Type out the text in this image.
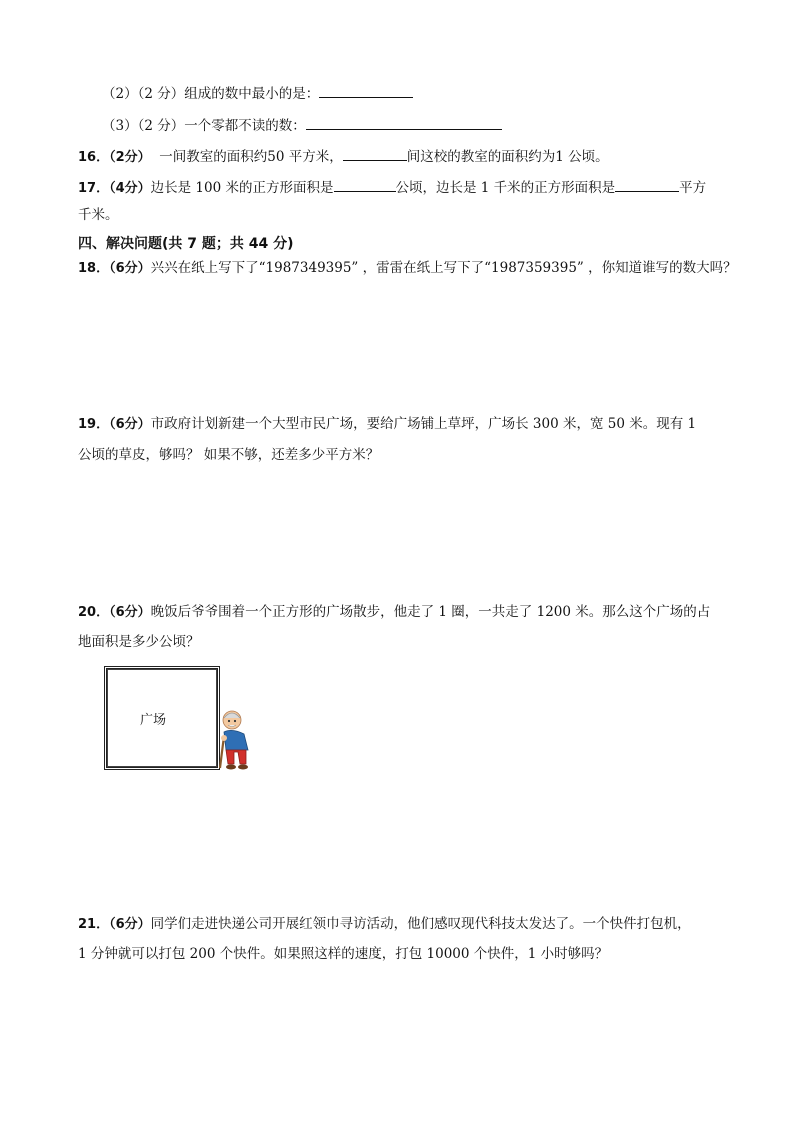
（2）（2 分）组成的数中最小的是：
（3）（2 分）一个零都不读的数：
16．（2分） 一间教室的面积约50 平方米，	间这校的教室的面积约为1 公顷。
17．（4分）边长是 100 米的正方形面积是	公顷，边长是 1 千米的正方形面积是	平方
千米。
四、解决问题(共 7 题；共 44 分)
18．（6分）兴兴在纸上写下了“1987349395” ，雷雷在纸上写下了“1987359395” ，你知道谁写的数大吗？
19．（6分）市政府计划新建一个大型市民广场，要给广场铺上草坪，广场长 300 米，宽 50 米。现有 1
公顷的草皮，够吗？ 如果不够，还差多少平方米？
20．（6分）晚饭后爷爷围着一个正方形的广场散步，他走了 1 圈，一共走了 1200 米。那么这个广场的占
地面积是多少公顷？
广场
21．（6分）同学们走进快递公司开展红领巾寻访活动，他们感叹现代科技太发达了。一个快件打包机，
1 分钟就可以打包 200 个快件。如果照这样的速度，打包 10000 个快件，1 小时够吗？
